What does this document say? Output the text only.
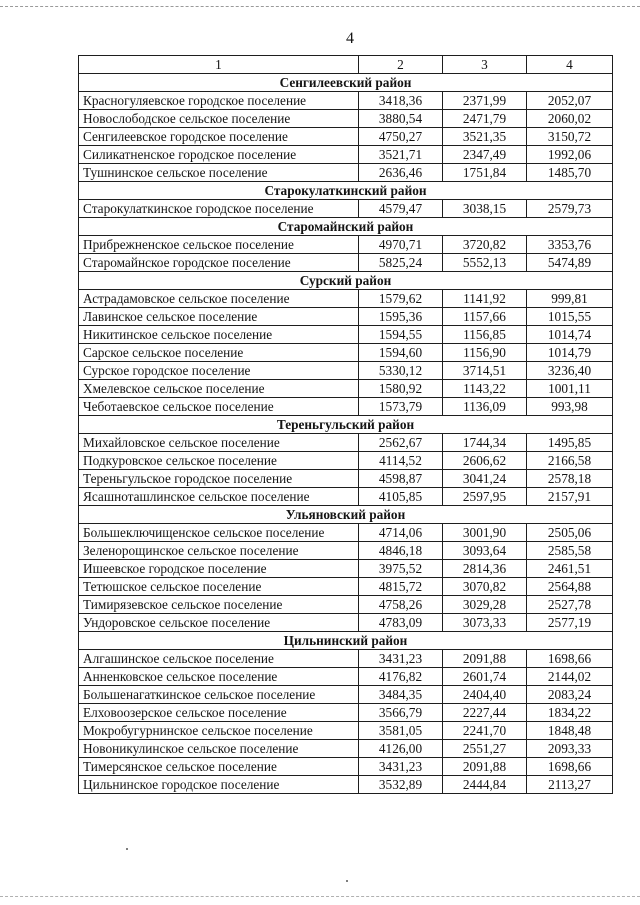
4
1	2	3	4
Сенгилеевский район			
Красногуляевское городское поселение	3418,36	2371,99	2052,07
Новослободское сельское поселение	3880,54	2471,79	2060,02
Сенгилеевское городское поселение	4750,27	3521,35	3150,72
Силикатненское городское поселение	3521,71	2347,49	1992,06
Тушнинское сельское поселение	2636,46	1751,84	1485,70
Старокулаткинский район			
Старокулаткинское городское поселение	4579,47	3038,15	2579,73
Старомайнский район			
Прибрежненское сельское поселение	4970,71	3720,82	3353,76
Старомайнское городское поселение	5825,24	5552,13	5474,89
Сурский район			
Астрадамовское сельское поселение	1579,62	1141,92	999,81
Лавинское сельское поселение	1595,36	1157,66	1015,55
Никитинское сельское поселение	1594,55	1156,85	1014,74
Сарское сельское поселение	1594,60	1156,90	1014,79
Сурское городское поселение	5330,12	3714,51	3236,40
Хмелевское сельское поселение	1580,92	1143,22	1001,11
Чеботаевское сельское поселение	1573,79	1136,09	993,98
Тереньгульский район			
Михайловское сельское поселение	2562,67	1744,34	1495,85
Подкуровское сельское поселение	4114,52	2606,62	2166,58
Тереньгульское городское поселение	4598,87	3041,24	2578,18
Ясашноташлинское сельское поселение	4105,85	2597,95	2157,91
Ульяновский район			
Большеключищенское сельское поселение	4714,06	3001,90	2505,06
Зеленорощинское сельское поселение	4846,18	3093,64	2585,58
Ишеевское городское поселение	3975,52	2814,36	2461,51
Тетюшское сельское поселение	4815,72	3070,82	2564,88
Тимирязевское сельское поселение	4758,26	3029,28	2527,78
Ундоровское сельское поселение	4783,09	3073,33	2577,19
Цильнинский район			
Алгашинское сельское поселение	3431,23	2091,88	1698,66
Анненковское сельское поселение	4176,82	2601,74	2144,02
Большенагаткинское сельское поселение	3484,35	2404,40	2083,24
Елховоозерское сельское поселение	3566,79	2227,44	1834,22
Мокробугурнинское сельское поселение	3581,05	2241,70	1848,48
Новоникулинское сельское поселение	4126,00	2551,27	2093,33
Тимерсянское сельское поселение	3431,23	2091,88	1698,66
Цильнинское городское поселение	3532,89	2444,84	2113,27
